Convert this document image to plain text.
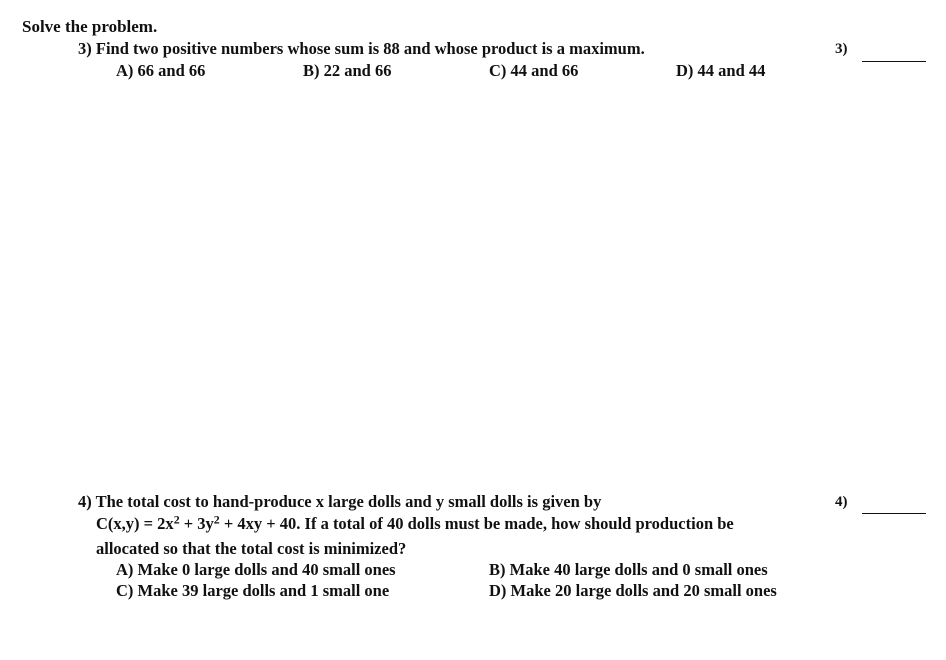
Solve the problem.
3) Find two positive numbers whose sum is 88 and whose product is a maximum.	3)
A) 66 and 66	B) 22 and 66	C) 44 and 66	D) 44 and 44
4) The total cost to hand-produce x large dolls and y small dolls is given by	4)
$C(x,y) = 2x^2 + 3y^2 + 4xy + 40$. If a total of 40 dolls must be made, how should production be
allocated so that the total cost is minimized?
A) Make 0 large dolls and 40 small ones	B) Make 40 large dolls and 0 small ones
C) Make 39 large dolls and 1 small one	D) Make 20 large dolls and 20 small ones
